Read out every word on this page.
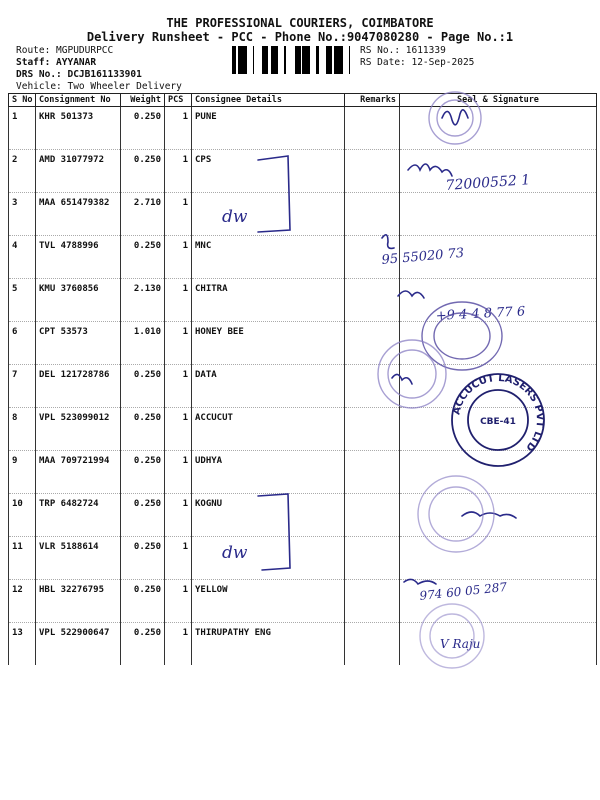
THE PROFESSIONAL COURIERS, COIMBATORE
Delivery Runsheet - PCC - Phone No.:9047080280 - Page No.:1
Route: MGPUDURPCC
Staff: AYYANAR
DRS No.: DCJB161133901
Vehicle: Two Wheeler Delivery
RS No.: 1611339
RS Date: 12-Sep-2025
S No	Consignment No	Weight	PCS	Consignee Details	Remarks	Seal & Signature
1	KHR 501373	0.250	1	PUNE		
2	AMD 31077972	0.250	1	CPS		
3	MAA 651479382	2.710	1			
4	TVL 4788996	0.250	1	MNC		
5	KMU 3760856	2.130	1	CHITRA		
6	CPT 53573	1.010	1	HONEY BEE		
7	DEL 121728786	0.250	1	DATA		
8	VPL 523099012	0.250	1	ACCUCUT		
9	MAA 709721994	0.250	1	UDHYA		
10	TRP 6482724	0.250	1	KOGNU		
11	VLR 5188614	0.250	1			
12	HBL 32276795	0.250	1	YELLOW		
13	VPL 522900647	0.250	1	THIRUPATHY ENG		
dw
dw
72000552 1
95 55020 73
+9 4 4 8 77 6
974 60 05 287
V Raju
ACCUCUT LASERS PVT LTD
CBE-41
